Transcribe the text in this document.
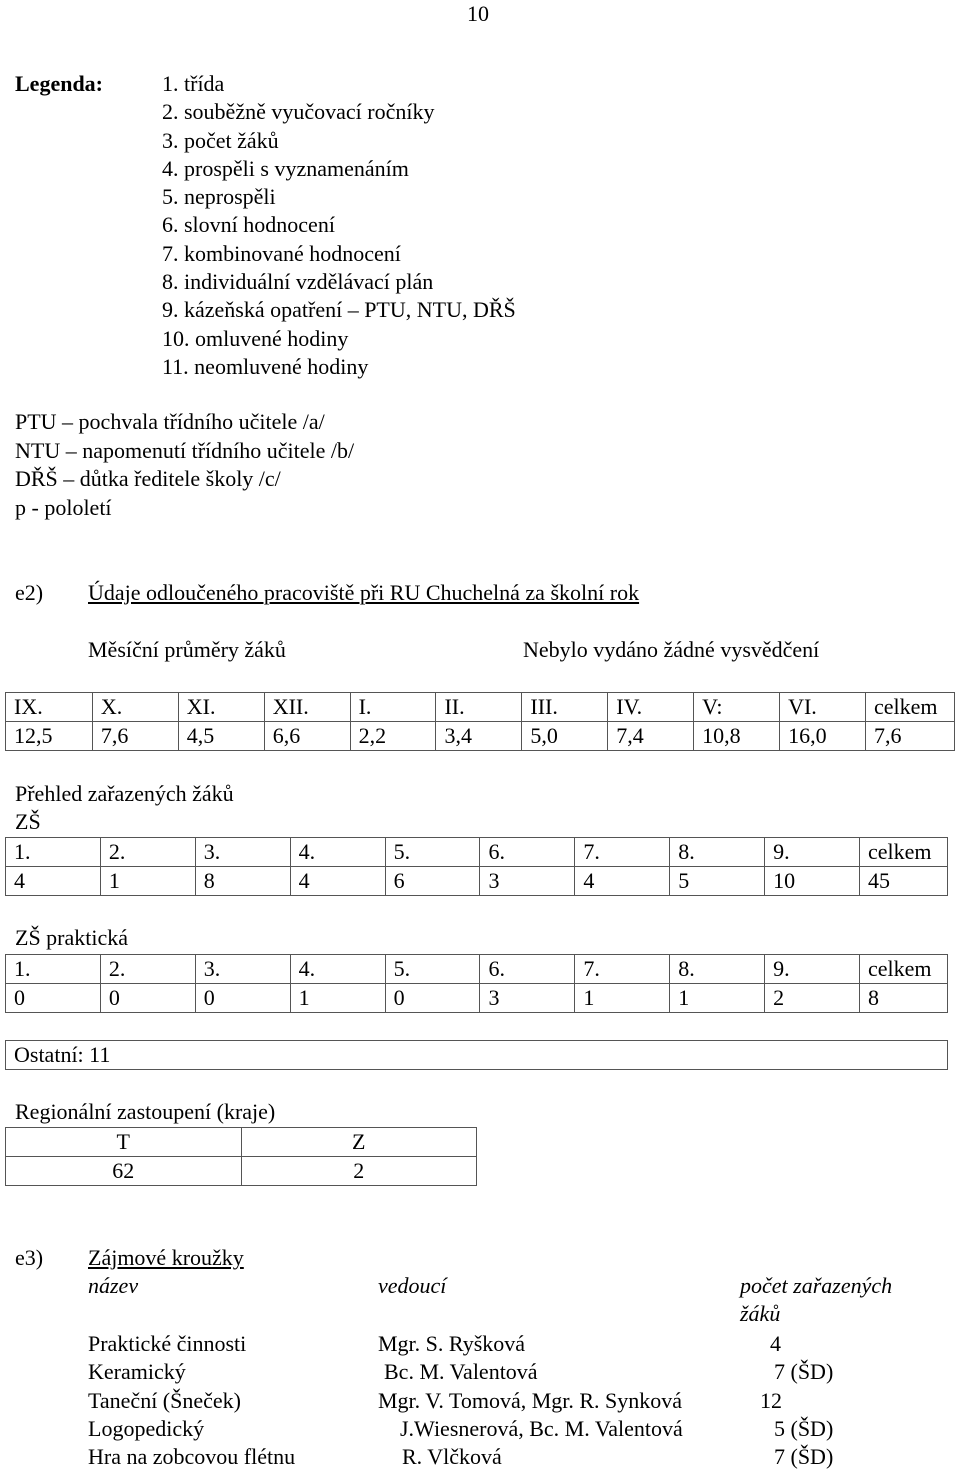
10
Legenda:	1. třída
2. souběžně vyučovací ročníky
3. počet žáků
4. prospěli s vyznamenáním
5. neprospěli
6. slovní hodnocení
7. kombinované hodnocení
8. individuální vzdělávací plán
9. kázeňská opatření – PTU, NTU, DŘŠ
10. omluvené hodiny
11. neomluvené hodiny
PTU – pochvala třídního učitele /a/
NTU – napomenutí třídního učitele /b/
DŘŠ – důtka ředitele školy /c/
p - pololetí
e2) Údaje odloučeného pracoviště při RU Chuchelná za školní rok
Měsíční průměry žáků	Nebylo vydáno žádné vysvědčení
IX.	X.	XI.	XII.	I.	II.	III.	IV.	V:	VI.	celkem
12,5	7,6	4,5	6,6	2,2	3,4	5,0	7,4	10,8	16,0	7,6
Přehled zařazených žáků
ZŠ
1.	2.	3.	4.	5.	6.	7.	8.	9.	celkem
4	1	8	4	6	3	4	5	10	45
ZŠ praktická
1.	2.	3.	4.	5.	6.	7.	8.	9.	celkem
0	0	0	1	0	3	1	1	2	8
Ostatní: 11
Regionální zastoupení (kraje)
T	Z
62	2
e3) Zájmové kroužky
název	vedoucí	počet zařazených
žáků
Praktické činnosti	Mgr. S. Ryšková	4
Keramický	Bc. M. Valentová	7 (ŠD)
Taneční (Šneček)	Mgr. V. Tomová, Mgr. R. Synková	12
Logopedický	J.Wiesnerová, Bc. M. Valentová	5 (ŠD)
Hra na zobcovou flétnu	R. Vlčková	7 (ŠD)
